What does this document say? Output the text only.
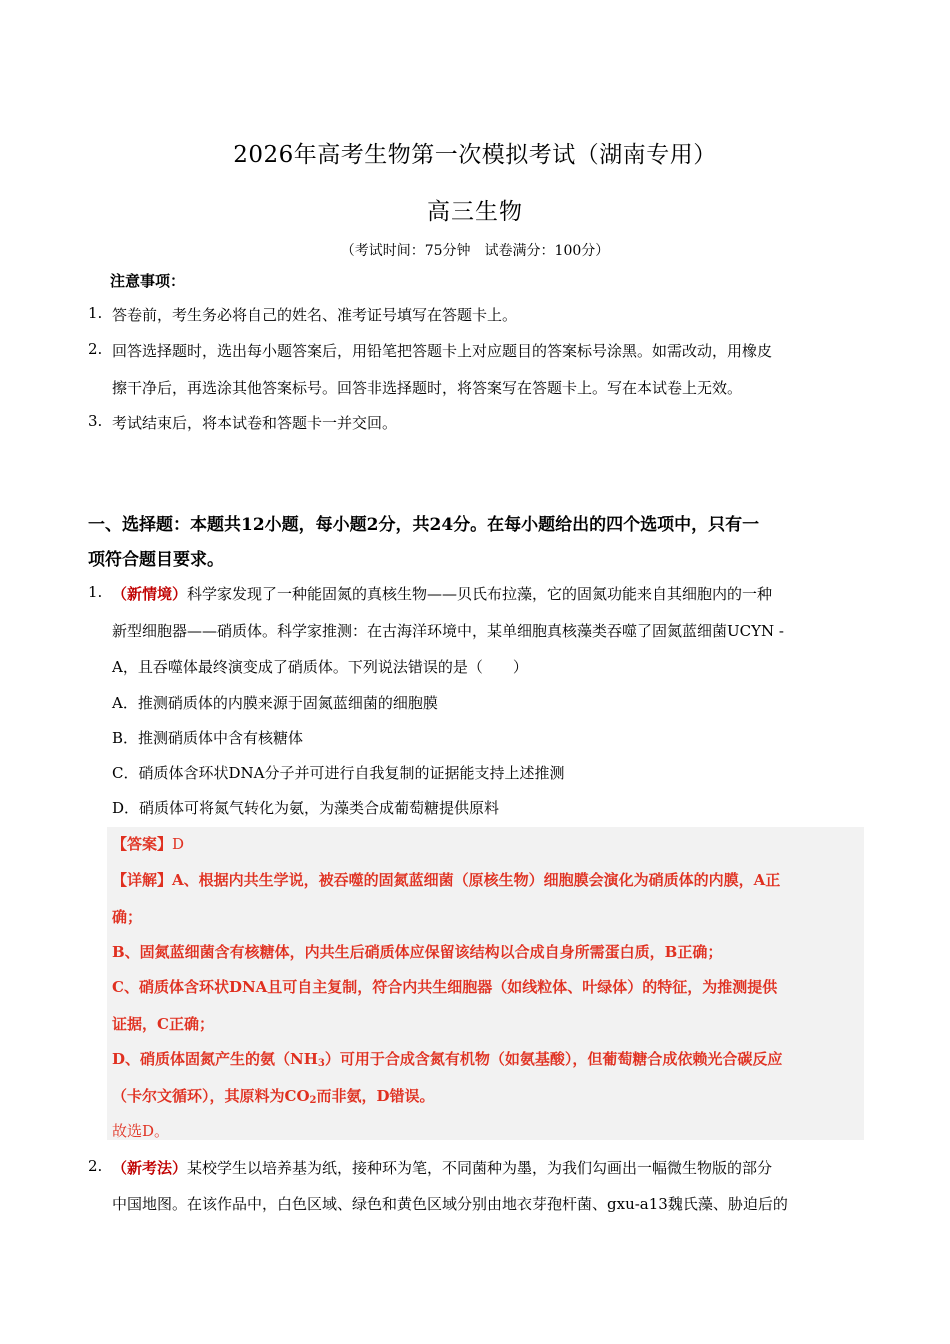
2026年高考生物第一次模拟考试（湖南专用）
高三生物
（考试时间：75分钟　试卷满分：100分）
注意事项：
1. 答卷前，考生务必将自己的姓名、准考证号填写在答题卡上。
2. 回答选择题时，选出每小题答案后，用铅笔把答题卡上对应题目的答案标号涂黑。如需改动，用橡皮
擦干净后，再选涂其他答案标号。回答非选择题时，将答案写在答题卡上。写在本试卷上无效。
3. 考试结束后，将本试卷和答题卡一并交回。
一、选择题：本题共12小题，每小题2分，共24分。在每小题给出的四个选项中，只有一
项符合题目要求。
1. （新情境）科学家发现了一种能固氮的真核生物——贝氏布拉藻，它的固氮功能来自其细胞内的一种
新型细胞器——硝质体。科学家推测：在古海洋环境中，某单细胞真核藻类吞噬了固氮蓝细菌UCYN -
A，且吞噬体最终演变成了硝质体。下列说法错误的是（　　）
A．推测硝质体的内膜来源于固氮蓝细菌的细胞膜
B．推测硝质体中含有核糖体
C．硝质体含环状DNA分子并可进行自我复制的证据能支持上述推测
D．硝质体可将氮气转化为氨，为藻类合成葡萄糖提供原料
【答案】D
【详解】A、根据内共生学说，被吞噬的固氮蓝细菌（原核生物）细胞膜会演化为硝质体的内膜，A正
确；
B、固氮蓝细菌含有核糖体，内共生后硝质体应保留该结构以合成自身所需蛋白质，B正确；
C、硝质体含环状DNA且可自主复制，符合内共生细胞器（如线粒体、叶绿体）的特征，为推测提供
证据，C正确；
D、硝质体固氮产生的氨$(NH_3)$可用于合成含氮有机物（如氨基酸），但葡萄糖合成依赖光合碳反应
（卡尔文循环），其原料为$CO_2$而非氨，D错误。
故选D。
2. （新考法）某校学生以培养基为纸，接种环为笔，不同菌种为墨，为我们勾画出一幅微生物版的部分
中国地图。在该作品中，白色区域、绿色和黄色区域分别由地衣芽孢杆菌、gxu-a13魏氏藻、胁迫后的
